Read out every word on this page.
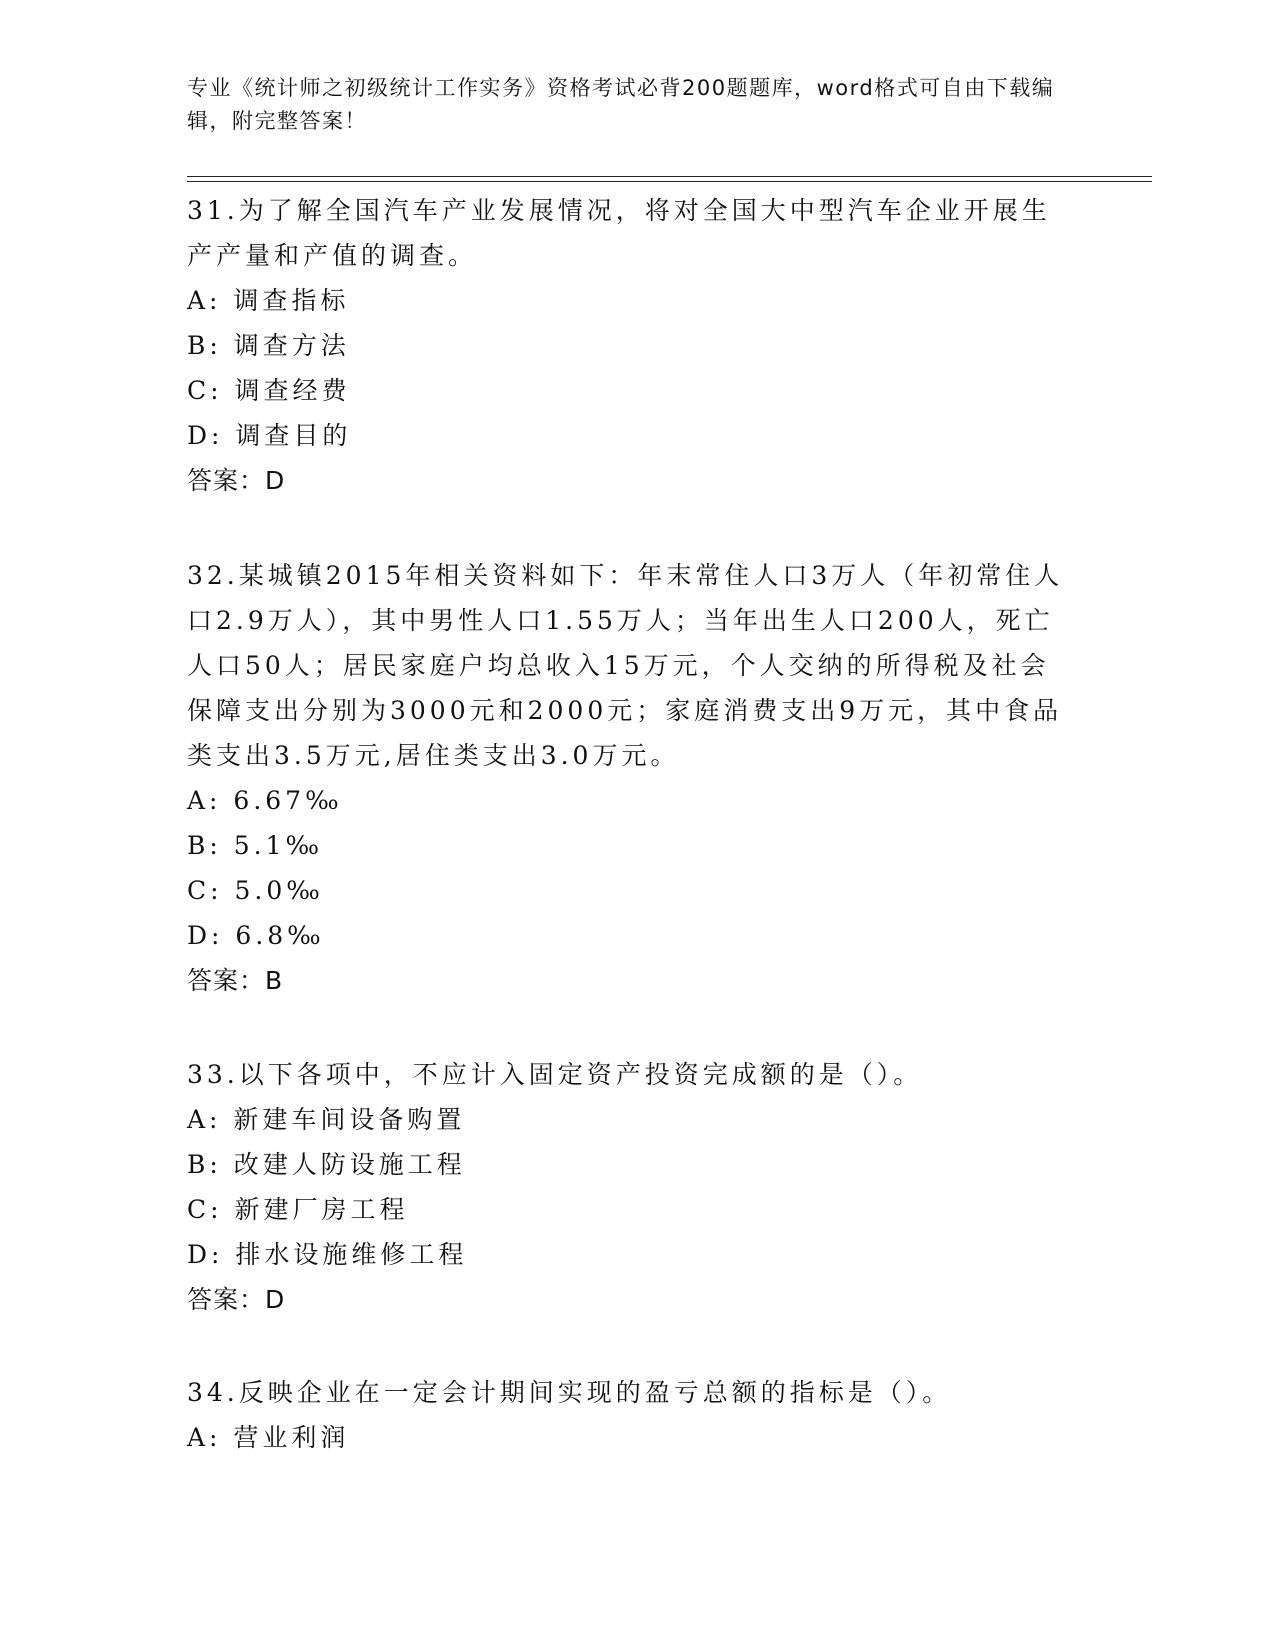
专业《统计师之初级统计工作实务》资格考试必背200题题库，word格式可自由下载编辑，附完整答案！

31.为了解全国汽车产业发展情况，将对全国大中型汽车企业开展生产产量和产值的调查。

A: 调查指标

B: 调查方法

C: 调查经费

D: 调查目的

答案：D

32.某城镇2015年相关资料如下：年末常住人口3万人（年初常住人口2.9万人），其中男性人口1.55万人；当年出生人口200人，死亡人口50人；居民家庭户均总收入15万元，个人交纳的所得税及社会保障支出分别为3000元和2000元；家庭消费支出9万元，其中食品类支出3.5万元,居住类支出3.0万元。

A: 6.67‰

B: 5.1‰

C: 5.0‰

D: 6.8‰

答案：B

33.以下各项中，不应计入固定资产投资完成额的是（）。

A: 新建车间设备购置

B: 改建人防设施工程

C: 新建厂房工程

D: 排水设施维修工程

答案：D

34.反映企业在一定会计期间实现的盈亏总额的指标是（）。

A: 营业利润
